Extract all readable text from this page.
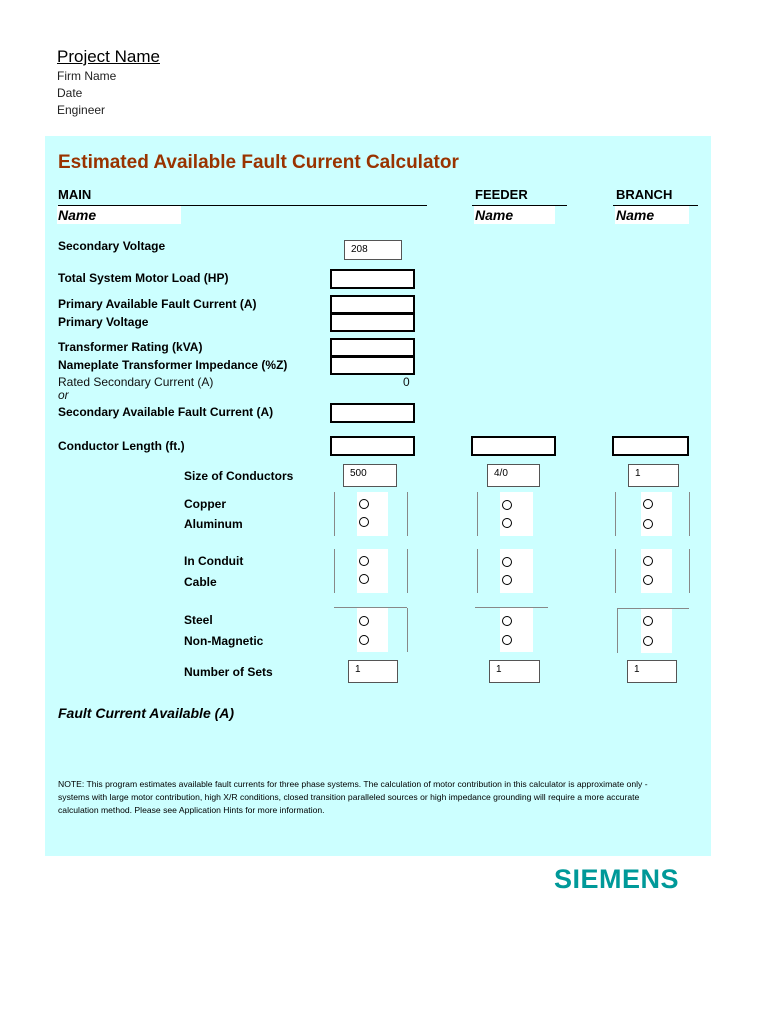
Project Name
Firm Name
Date
Engineer
Estimated Available Fault Current Calculator
MAIN	FEEDER	BRANCH
Name	Name	Name
Secondary Voltage	208
Total System Motor Load (HP)
Primary Available Fault Current (A)
Primary Voltage
Transformer Rating (kVA)
Nameplate Transformer Impedance (%Z)
Rated Secondary Current (A)	0
or
Secondary Available Fault Current (A)
Conductor Length (ft.)
Size of Conductors	500	4/0	1
Copper
Aluminum
In Conduit
Cable
Steel
Non-Magnetic
Number of Sets	1	1	1
Fault Current Available (A)
NOTE: This program estimates available fault currents for three phase systems. The calculation of motor contribution in this calculator is approximate only - systems with large motor contribution, high X/R conditions, closed transition paralleled sources or high impedance grounding will require a more accurate calculation method. Please see Application Hints for more information.
SIEMENS
